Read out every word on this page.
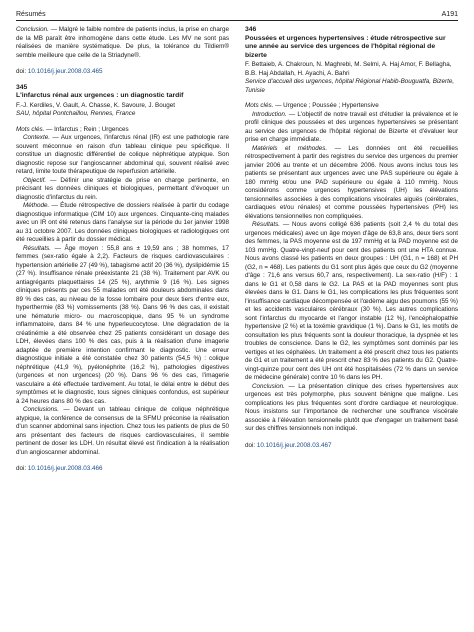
Résumés	A191

Conclusion. — Malgré le faible nombre de patients inclus, la prise en charge de la MB paraît être inhomogène dans cette étude. Les MV ne sont pas réalisées de manière systématique. De plus, la tolérance du Tildiem® semble meilleure que celle de la Striadyne®.

doi: 10.1016/j.jeur.2008.03.465

345
L'infarctus rénal aux urgences : un diagnostic tardif
F.-J. Kerdiles, V. Gault, A. Chasse, K. Savoure, J. Bouget
SAU, hôpital Pontchaillou, Rennes, France

Mots clés. — Infarctus ; Rein ; Urgences

Contexte. — Aux urgences, l'infarctus rénal (IR) est une pathologie rare souvent méconnue en raison d'un tableau clinique peu spécifique. Il constitue un diagnostic différentiel de colique néphrétique atypique. Son diagnostic repose sur l'angioscanner abdominal qui, souvent réalisé avec retard, limite toute thérapeutique de reperfusion artérielle.

Objectif. — Définir une stratégie de prise en charge pertinente, en précisant les données cliniques et biologiques, permettant d'évoquer un diagnostic d'infarctus du rein.

Méthode. — Étude rétrospective de dossiers réalisée à partir du codage diagnostique informatique (CIM 10) aux urgences. Cinquante-cinq malades avec un IR ont été retenus dans l'analyse sur la période du 1er janvier 1998 au 31 octobre 2007. Les données cliniques biologiques et radiologiques ont été recueillies à partir du dossier médical.

Résultats. — Âge moyen : 55,8 ans ± 19,59 ans ; 38 hommes, 17 femmes (sex-ratio égale à 2,2). Facteurs de risques cardiovasculaires : hypertension artérielle 27 (49 %), tabagisme actif 20 (36 %), dyslipidémie 15 (27 %). Insuffisance rénale préexistante 21 (38 %). Traitement par AVK ou antiagrégants plaquettaires 14 (25 %), arythmie 9 (16 %). Les signes cliniques présents par ces 55 malades ont été douleurs abdominales dans 89 % des cas, au niveau de la fosse lombaire pour deux tiers d'entre eux, hyperthermie (83 %) vomissements (38 %). Dans 96 % des cas, il existait une hématurie micro- ou macroscopique, dans 95 % un syndrome inflammatoire, dans 84 % une hyperleucocytose. Une dégradation de la créatinémie a été observée chez 25 patients considérant un dosage des LDH, élevées dans 100 % des cas, puis à la réalisation d'une imagerie adaptée de première intention confirmant le diagnostic. Une erreur diagnostique initiale a été constatée chez 30 patients (54,5 %) : colique néphrétique (41,9 %), pyélonéphrite (16,2 %), pathologies digestives (urgences et non urgences) (20 %). Dans 96 % des cas, l'imagerie vasculaire a été effectuée tardivement. Au total, le délai entre le début des symptômes et le diagnostic, tous signes cliniques confondus, est supérieur à 24 heures dans 80 % des cas.

Conclusions. — Devant un tableau clinique de colique néphrétique atypique, la conférence de consensus de la SFMU préconise la réalisation d'un scanner abdominal sans injection. Chez tous les patients de plus de 50 ans présentant des facteurs de risques cardiovasculaires, il semble pertinent de doser les LDH. Un résultat élevé est l'indication à la réalisation d'un angioscanner abdominal.

doi: 10.1016/j.jeur.2008.03.466

346
Poussées et urgences hypertensives : étude rétrospective sur une année au service des urgences de l'hôpital régional de bizerte
F. Bettaieb, A. Chakroun, N. Maghrebi, M. Selmi, A. Haj Amor, F. Bellagha, B.B. Haj Abdallah, H. Ayachi, A. Bahri
Service d'accueil des urgences, hôpital Régional Habib-Bouguatfa, Bizerte, Tunisie

Mots clés. — Urgence ; Poussée ; Hypertensive

Introduction. — L'objectif de notre travail est d'étudier la prévalence et le profil clinique des poussées et des urgences hypertensives se présentant au service des urgences de l'hôpital régional de Bizerte et d'évaluer leur prise en charge immédiate.

Matériels et méthodes. — Les données ont été recueillies rétrospectivement à partir des registres du service des urgences du premier janvier 2006 au trente et un décembre 2006. Nous avons inclus tous les patients se présentant aux urgences avec une PAS supérieure ou égale à 180 mmHg et/ou une PAD supérieure ou égale à 110 mmHg. Nous considérons comme urgences hypertensives (UH) les élévations tensionnelles associées à des complications viscérales aiguës (cérébrales, cardiaques et/ou rénales) et comme poussées hypertensives (PH) les élévations tensionnelles non compliquées.

Résultats. — Nous avons colligé 636 patients (soit 2,4 % du total des urgences médicales) avec un âge moyen d'âge de 63,8 ans, deux tiers sont des femmes, la PAS moyenne est de 197 mmHg et la PAD moyenne est de 103 mmHg. Quatre-vingt-neuf pour cent des patients ont une HTA connue. Nous avons classé les patients en deux groupes : UH (G1, n = 168) et PH (G2, n = 468). Les patients du G1 sont plus âgés que ceux du G2 (moyenne d'âge : 71,6 ans versus 60,7 ans, respectivement). La sex-ratio (H/F) : 1 dans le G1 et 0,58 dans le G2. La PAS et la PAD moyennes sont plus élevées dans le G1. Dans le G1, les complications les plus fréquentes sont l'insuffisance cardiaque décompensée et l'œdème aigu des poumons (55 %) et les accidents vasculaires cérébraux (30 %). Les autres complications sont l'infarctus du myocarde et l'angor instable (12 %), l'encéphalopathie hypertensive (2 %) et la toxémie gravidique (1 %). Dans le G1, les motifs de consultation les plus fréquents sont la douleur thoracique, la dyspnée et les troubles de conscience. Dans le G2, les symptômes sont dominés par les vertiges et les céphalées. Un traitement a été prescrit chez tous les patients de G1 et un traitement a été prescrit chez 83 % des patients du G2. Quatre-vingt-quinze pour cent des UH ont été hospitalisées (72 % dans un service de médecine générale) contre 10 % dans les PH.

Conclusion. — La présentation clinique des crises hypertensives aux urgences est très polymorphe, plus souvent bénigne que maligne. Les complications les plus fréquentes sont d'ordre cardiaque et neurologique. Nous insistons sur l'importance de rechercher une souffrance viscérale associée à l'élévation tensionnelle plutôt que d'engager un traitement basé sur des chiffres tensionnels non indiqué.

doi: 10.1016/j.jeur.2008.03.467
